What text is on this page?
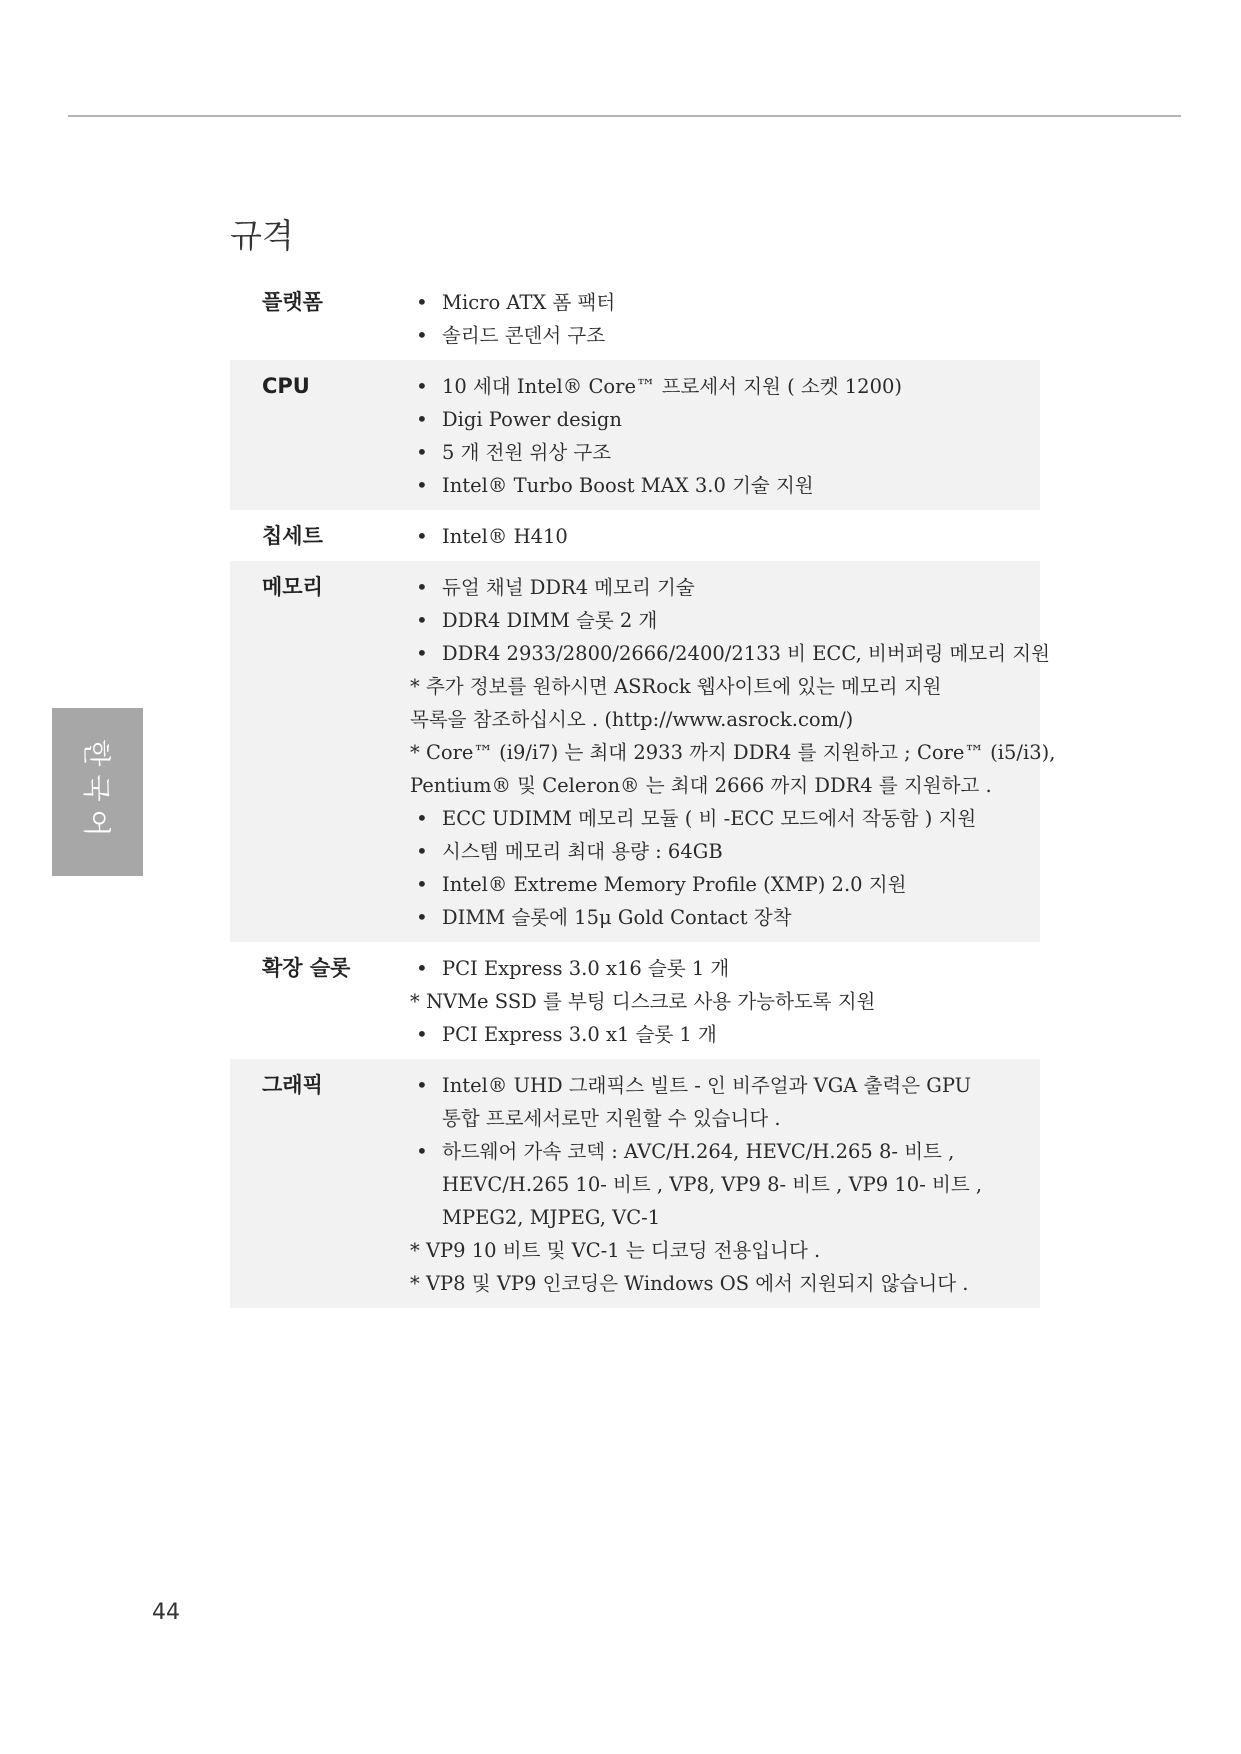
규격
플랫폼	• Micro ATX 폼 팩터
• 솔리드 콘덴서 구조
CPU	• 10 세대 Intel® Core™ 프로세서 지원 ( 소켓 1200)
• Digi Power design
• 5 개 전원 위상 구조
• Intel® Turbo Boost MAX 3.0 기술 지원
칩세트	• Intel® H410
메모리	• 듀얼 채널 DDR4 메모리 기술
• DDR4 DIMM 슬롯 2 개
• DDR4 2933/2800/2666/2400/2133 비 ECC, 비버퍼링 메모리 지원
* 추가 정보를 원하시면 ASRock 웹사이트에 있는 메모리 지원
목록을 참조하십시오 . (http://www.asrock.com/)
* Core™ (i9/i7) 는 최대 2933 까지 DDR4 를 지원하고 ; Core™ (i5/i3),
Pentium® 및 Celeron® 는 최대 2666 까지 DDR4 를 지원하고 .
• ECC UDIMM 메모리 모듈 ( 비 -ECC 모드에서 작동함 ) 지원
• 시스템 메모리 최대 용량 : 64GB
• Intel® Extreme Memory Profile (XMP) 2.0 지원
• DIMM 슬롯에 15μ Gold Contact 장착
확장 슬롯	• PCI Express 3.0 x16 슬롯 1 개
* NVMe SSD 를 부팅 디스크로 사용 가능하도록 지원
• PCI Express 3.0 x1 슬롯 1 개
그래픽	• Intel® UHD 그래픽스 빌트 - 인 비주얼과 VGA 출력은 GPU
통합 프로세서로만 지원할 수 있습니다 .
• 하드웨어 가속 코덱 : AVC/H.264, HEVC/H.265 8- 비트 ,
HEVC/H.265 10- 비트 , VP8, VP9 8- 비트 , VP9 10- 비트 ,
MPEG2, MJPEG, VC-1
* VP9 10 비트 및 VC-1 는 디코딩 전용입니다 .
* VP8 및 VP9 인코딩은 Windows OS 에서 지원되지 않습니다 .
한국어
44
